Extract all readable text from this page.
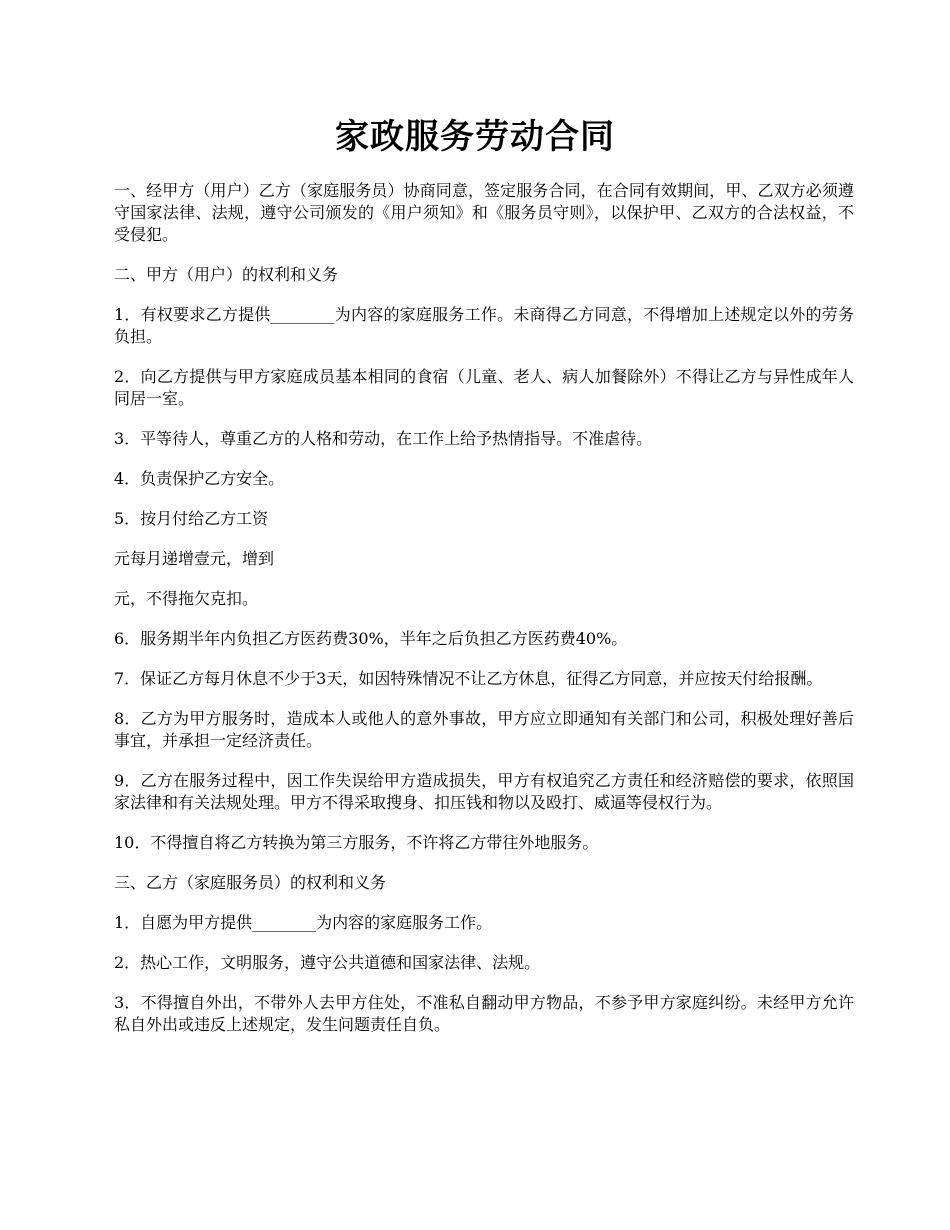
家政服务劳动合同

一、经甲方（用户）乙方（家庭服务员）协商同意，签定服务合同，在合同有效期间，甲、乙双方必须遵守国家法律、法规，遵守公司颁发的《用户须知》和《服务员守则》，以保护甲、乙双方的合法权益，不受侵犯。

二、甲方（用户）的权利和义务

1．有权要求乙方提供________为内容的家庭服务工作。未商得乙方同意，不得增加上述规定以外的劳务负担。

2．向乙方提供与甲方家庭成员基本相同的食宿（儿童、老人、病人加餐除外）不得让乙方与异性成年人同居一室。

3．平等待人，尊重乙方的人格和劳动，在工作上给予热情指导。不准虐待。

4．负责保护乙方安全。

5．按月付给乙方工资

元每月递增壹元，增到

元，不得拖欠克扣。

6．服务期半年内负担乙方医药费30%，半年之后负担乙方医药费40%。

7．保证乙方每月休息不少于3天，如因特殊情况不让乙方休息，征得乙方同意，并应按天付给报酬。

8．乙方为甲方服务时，造成本人或他人的意外事故，甲方应立即通知有关部门和公司，积极处理好善后事宜，并承担一定经济责任。

9．乙方在服务过程中，因工作失误给甲方造成损失，甲方有权追究乙方责任和经济赔偿的要求，依照国家法律和有关法规处理。甲方不得采取搜身、扣压钱和物以及殴打、威逼等侵权行为。

10．不得擅自将乙方转换为第三方服务，不许将乙方带往外地服务。

三、乙方（家庭服务员）的权利和义务

1．自愿为甲方提供________为内容的家庭服务工作。

2．热心工作，文明服务，遵守公共道德和国家法律、法规。

3．不得擅自外出，不带外人去甲方住处，不准私自翻动甲方物品，不参予甲方家庭纠纷。未经甲方允许私自外出或违反上述规定，发生问题责任自负。
